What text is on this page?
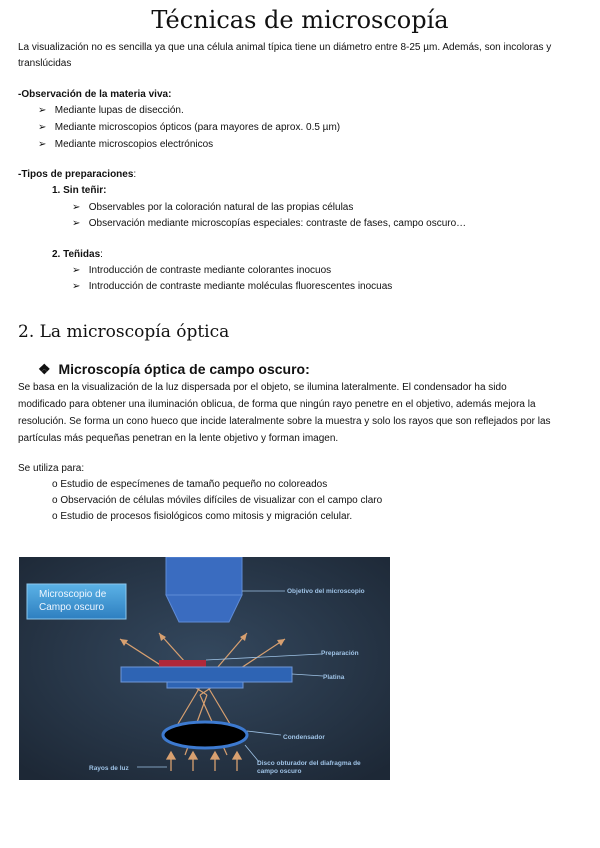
Técnicas de microscopía
La visualización no es sencilla ya que una célula animal típica tiene un diámetro entre 8-25 µm. Además, son incoloras y
translúcidas
-Observación de la materia viva:
➢ Mediante lupas de disección.
➢ Mediante microscopios ópticos (para mayores de aprox. 0.5 µm)
➢ Mediante microscopios electrónicos
-Tipos de preparaciones:
1. Sin teñir:
➢ Observables por la coloración natural de las propias células
➢ Observación mediante microscopías especiales: contraste de fases, campo oscuro…
2. Teñidas:
➢ Introducción de contraste mediante colorantes inocuos
➢ Introducción de contraste mediante moléculas fluorescentes inocuas
2. La microscopía óptica
❖ Microscopía óptica de campo oscuro:
Se basa en la visualización de la luz dispersada por el objeto, se ilumina lateralmente. El condensador ha sido
modificado para obtener una iluminación oblicua, de forma que ningún rayo penetre en el objetivo, además mejora la
resolución. Se forma un cono hueco que incide lateralmente sobre la muestra y solo los rayos que son reflejados por las
partículas más pequeñas penetran en la lente objetivo y forman imagen.
Se utiliza para:
o Estudio de especímenes de tamaño pequeño no coloreados
o Observación de células móviles difíciles de visualizar con el campo claro
o Estudio de procesos fisiológicos como mitosis y migración celular.
Microscopio de
Campo oscuro
Objetivo del microscopio
Preparación
Platina
Condensador
Rayos de luz
Disco obturador del diafragma de
campo oscuro
